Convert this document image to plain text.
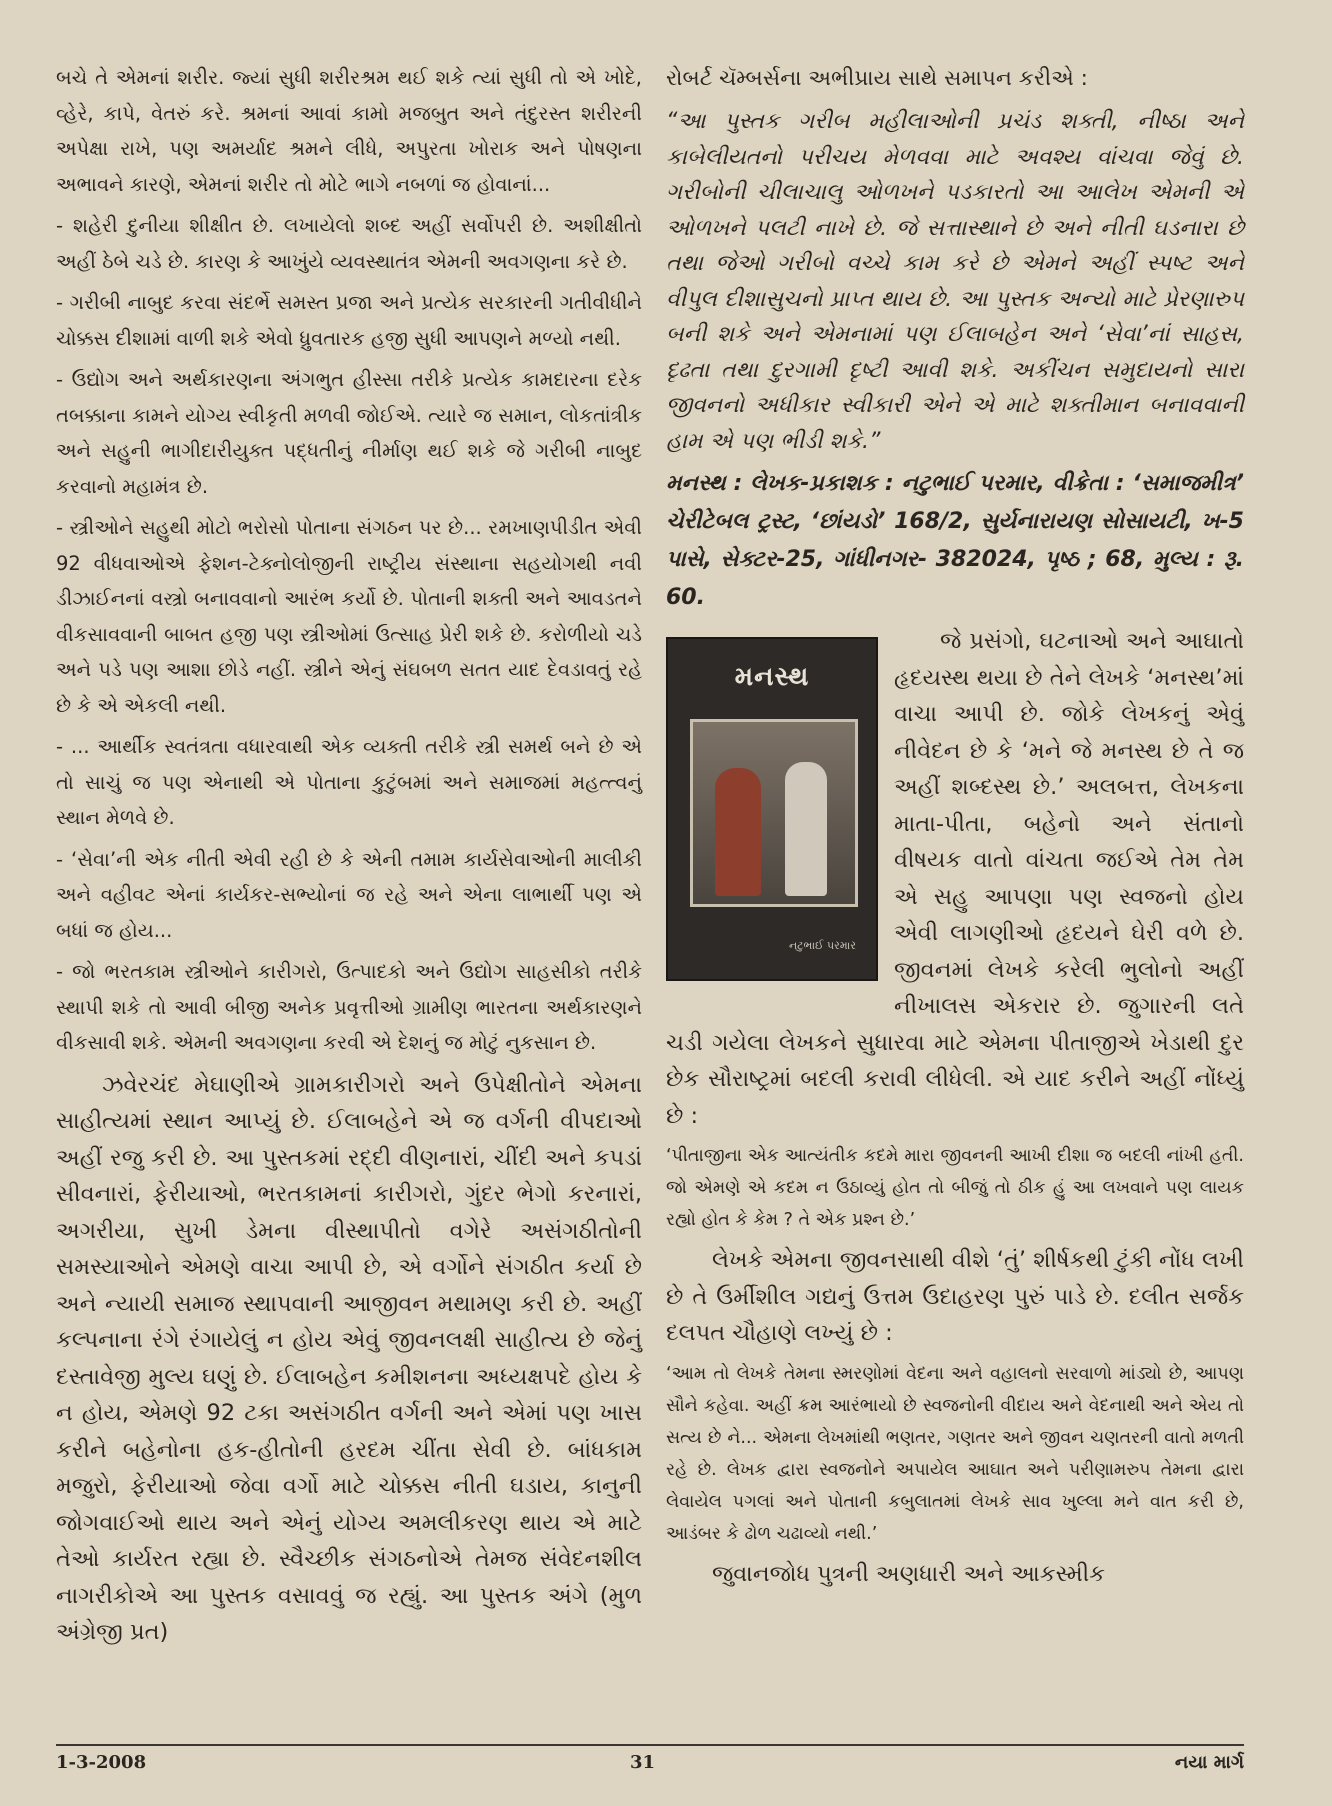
બચે તે એમનાં શરીર. જ્યાં સુધી શરીરશ્રમ થઈ શકે ત્યાં સુધી તો એ ખોદે, વ્હેરે, કાપે, વેતરું કરે. શ્રમનાં આવાં કામો મજબુત અને તંદુરસ્ત શરીરની અપેક્ષા રાખે, પણ અમર્યાદ શ્રમને લીધે, અપુરતા ખોરાક અને પોષણના અભાવને કારણે, એમનાં શરીર તો મોટે ભાગે નબળાં જ હોવાનાં...

- શહેરી દુનીયા શીક્ષીત છે. લખાયેલો શબ્દ અહીં સર્વોપરી છે. અશીક્ષીતો અહીં ઠેબે ચડે છે. કારણ કે આખુંયે વ્યવસ્થાતંત્ર એમની અવગણના કરે છે.

- ગરીબી નાબુદ કરવા સંદર્ભે સમસ્ત પ્રજા અને પ્રત્યેક સરકારની ગતીવીધીને ચોક્કસ દીશામાં વાળી શકે એવો ધ્રુવતારક હજી સુધી આપણને મળ્યો નથી.

- ઉદ્યોગ અને અર્થકારણના અંગભુત હીસ્સા તરીકે પ્રત્યેક કામદારના દરેક તબક્કાના કામને યોગ્ય સ્વીકૃતી મળવી જોઈએ. ત્યારે જ સમાન, લોકતાંત્રીક અને સહુની ભાગીદારીયુક્ત પદ્ધતીનું નીર્માણ થઈ શકે જે ગરીબી નાબુદ કરવાનો મહામંત્ર છે.

- સ્ત્રીઓને સહુથી મોટો ભરોસો પોતાના સંગઠન પર છે... રમખાણપીડીત એવી 92 વીધવાઓએ ફેશન-ટેક્નોલોજીની રાષ્ટ્રીય સંસ્થાના સહયોગથી નવી ડીઝાઈનનાં વસ્ત્રો બનાવવાનો આરંભ કર્યો છે. પોતાની શક્તી અને આવડતને વીકસાવવાની બાબત હજી પણ સ્ત્રીઓમાં ઉત્સાહ પ્રેરી શકે છે. કરોળીયો ચડે અને પડે પણ આશા છોડે નહીં. સ્ત્રીને એનું સંઘબળ સતત યાદ દેવડાવતું રહે છે કે એ એકલી નથી.

- ... આર્થીક સ્વતંત્રતા વધારવાથી એક વ્યક્તી તરીકે સ્ત્રી સમર્થ બને છે એ તો સાચું જ પણ એનાથી એ પોતાના કુટુંબમાં અને સમાજમાં મહત્ત્વનું સ્થાન મેળવે છે.

- ‘સેવા’ની એક નીતી એવી રહી છે કે એની તમામ કાર્યસેવાઓની માલીકી અને વહીવટ એનાં કાર્યકર-સભ્યોનાં જ રહે અને એના લાભાર્થી પણ એ બધાં જ હોય...

- જો ભરતકામ સ્ત્રીઓને કારીગરો, ઉત્પાદકો અને ઉદ્યોગ સાહસીકો તરીકે સ્થાપી શકે તો આવી બીજી અનેક પ્રવૃત્તીઓ ગ્રામીણ ભારતના અર્થકારણને વીકસાવી શકે. એમની અવગણના કરવી એ દેશનું જ મોટું નુકસાન છે.

ઝવેરચંદ મેઘાણીએ ગ્રામકારીગરો અને ઉપેક્ષીતોને એમના સાહીત્યમાં સ્થાન આપ્યું છે. ઈલાબહેને એ જ વર્ગની વીપદાઓ અહીં રજુ કરી છે. આ પુસ્તકમાં રદ્દી વીણનારાં, ચીંદી અને કપડાં સીવનારાં, ફેરીયાઓ, ભરતકામનાં કારીગરો, ગુંદર ભેગો કરનારાં, અગરીયા, સુખી ડેમના વીસ્થાપીતો વગેરે અસંગઠીતોની સમસ્યાઓને એમણે વાચા આપી છે, એ વર્ગોને સંગઠીત કર્યા છે અને ન્યાયી સમાજ સ્થાપવાની આજીવન મથામણ કરી છે. અહીં કલ્પનાના રંગે રંગાયેલું ન હોય એવું જીવનલક્ષી સાહીત્ય છે જેનું દસ્તાવેજી મુલ્ય ઘણું છે. ઈલાબહેન કમીશનના અધ્યક્ષપદે હોય કે ન હોય, એમણે 92 ટકા અસંગઠીત વર્ગની અને એમાં પણ ખાસ કરીને બહેનોના હક-હીતોની હરદમ ચીંતા સેવી છે. બાંધકામ મજુરો, ફેરીયાઓ જેવા વર્ગો માટે ચોક્કસ નીતી ઘડાય, કાનુની જોગવાઈઓ થાય અને એનું યોગ્ય અમલીકરણ થાય એ માટે તેઓ કાર્યરત રહ્યા છે. સ્વૈચ્છીક સંગઠનોએ તેમજ સંવેદનશીલ નાગરીકોએ આ પુસ્તક વસાવવું જ રહ્યું. આ પુસ્તક અંગે (મુળ અંગ્રેજી પ્રત)

રોબર્ટ ચૅમ્બર્સના અભીપ્રાય સાથે સમાપન કરીએ :

“આ પુસ્તક ગરીબ મહીલાઓની પ્રચંડ શક્તી, નીષ્ઠા અને કાબેલીયતનો પરીચય મેળવવા માટે અવશ્ય વાંચવા જેવું છે. ગરીબોની ચીલાચાલુ ઓળખને પડકારતો આ આલેખ એમની એ ઓળખને પલટી નાખે છે. જે સત્તાસ્થાને છે અને નીતી ઘડનારા છે તથા જેઓ ગરીબો વચ્ચે કામ કરે છે એમને અહીં સ્પષ્ટ અને વીપુલ દીશાસુચનો પ્રાપ્ત થાય છે. આ પુસ્તક અન્યો માટે પ્રેરણારુપ બની શકે અને એમનામાં પણ ઈલાબહેન અને ‘સેવા’નાં સાહસ, દૃઢતા તથા દુરગામી દૃષ્ટી આવી શકે. અકીંચન સમુદાયનો સારા જીવનનો અધીકાર સ્વીકારી એને એ માટે શક્તીમાન બનાવવાની હામ એ પણ ભીડી શકે.”

મનસ્થ : લેખક-પ્રકાશક : નટુભાઈ પરમાર, વીક્રેતા : ‘સમાજમીત્ર’ ચેરીટેબલ ટ્રસ્ટ, ‘છાંયડો’ 168/2, સુર્યનારાયણ સોસાયટી, ખ-5 પાસે, સેક્ટર-25, ગાંધીનગર- 382024, પૃષ્ઠ ; 68, મુલ્ય : રૂ. 60.

મનસ્થ
નટુભાઈ પરમાર

જે પ્રસંગો, ઘટનાઓ અને આઘાતો હૃદયસ્થ થયા છે તેને લેખકે ‘મનસ્થ’માં વાચા આપી છે. જોકે લેખકનું એવું નીવેદન છે કે ‘મને જે મનસ્થ છે તે જ અહીં શબ્દસ્થ છે.’ અલબત્ત, લેખકના માતા-પીતા, બહેનો અને સંતાનો વીષયક વાતો વાંચતા જઈએ તેમ તેમ એ સહુ આપણા પણ સ્વજનો હોય એવી લાગણીઓ હૃદયને ઘેરી વળે છે. જીવનમાં લેખકે કરેલી ભુલોનો અહીં નીખાલસ એકરાર છે. જુગારની લતે ચડી ગયેલા લેખકને સુધારવા માટે એમના પીતાજીએ ખેડાથી દુર છેક સૌરાષ્ટ્રમાં બદલી કરાવી લીધેલી. એ યાદ કરીને અહીં નોંધ્યું છે :

‘પીતાજીના એક આત્યંતીક કદમે મારા જીવનની આખી દીશા જ બદલી નાંખી હતી. જો એમણે એ કદમ ન ઉઠાવ્યું હોત તો બીજું તો ઠીક હું આ લખવાને પણ લાયક રહ્યો હોત કે કેમ ? તે એક પ્રશ્ન છે.’

લેખકે એમના જીવનસાથી વીશે ‘તું’ શીર્ષકથી ટુંકી નોંધ લખી છે તે ઉર્મીશીલ ગદ્યનું ઉત્તમ ઉદાહરણ પુરું પાડે છે. દલીત સર્જક દલપત ચૌહાણે લખ્યું છે :

‘આમ તો લેખકે તેમના સ્મરણોમાં વેદના અને વહાલનો સરવાળો માંડ્યો છે, આપણ સૌને કહેવા. અહીં ક્રમ આરંભાયો છે સ્વજનોની વીદાય અને વેદનાથી અને એય તો સત્ય છે ને... એમના લેખમાંથી ભણતર, ગણતર અને જીવન ચણતરની વાતો મળતી રહે છે. લેખક દ્વારા સ્વજનોને અપાયેલ આઘાત અને પરીણામરુપ તેમના દ્વારા લેવાયેલ પગલાં અને પોતાની કબુલાતમાં લેખકે સાવ ખુલ્લા મને વાત કરી છે, આડંબર કે ઢોળ ચઢાવ્યો નથી.’

જુવાનજોધ પુત્રની અણધારી અને આકસ્મીક

1-3-2008	31	નયા માર્ગ
